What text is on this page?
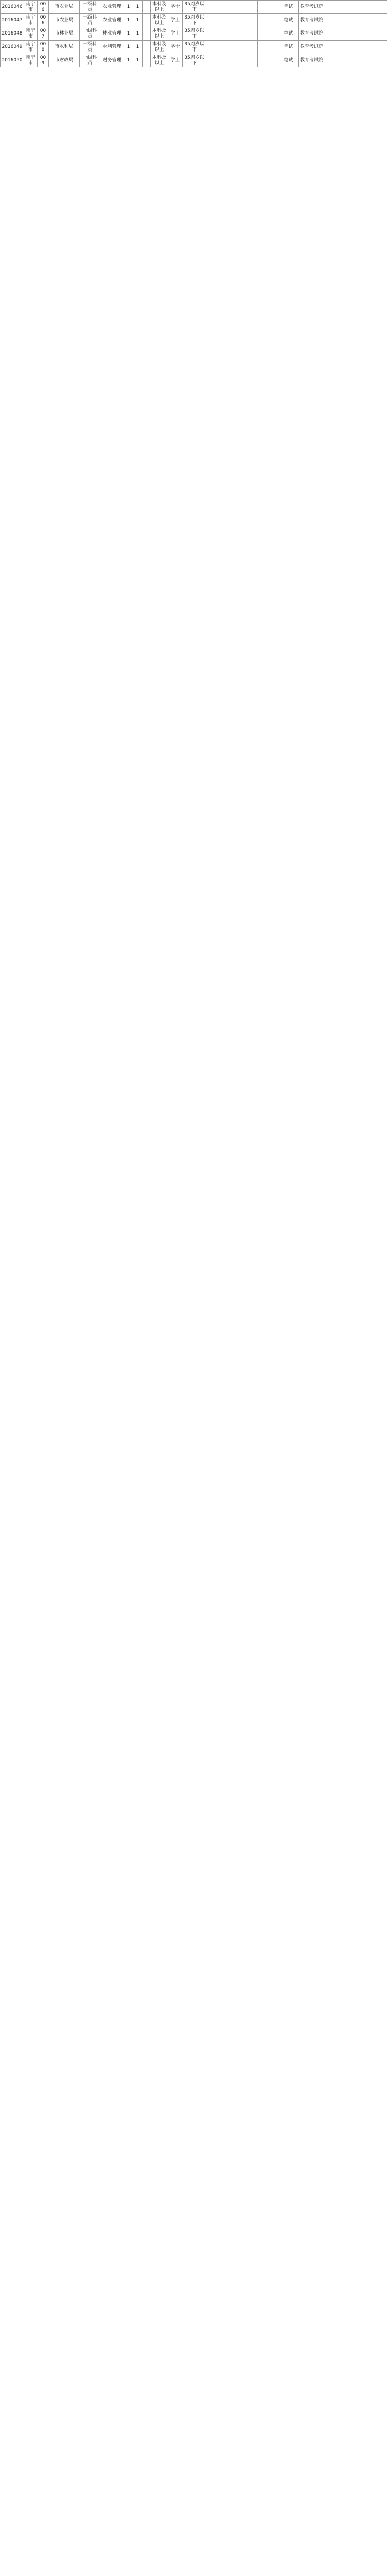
2016046	南宁市	006	市农业局	一级科员	农业管理	1	1		本科及以上	学士	35周岁以下				笔试	教育考试院
2016047	南宁市	006	市农业局	一级科员	农业管理	1	1		本科及以上	学士	35周岁以下				笔试	教育考试院
2016048	南宁市	007	市林业局	一级科员	林业管理	1	1		本科及以上	学士	35周岁以下				笔试	教育考试院
2016049	南宁市	008	市水利局	一级科员	水利管理	1	1		本科及以上	学士	35周岁以下				笔试	教育考试院
2016050	南宁市	009	市财政局	一级科员	财务管理	1	1		本科及以上	学士	35周岁以下				笔试	教育考试院
